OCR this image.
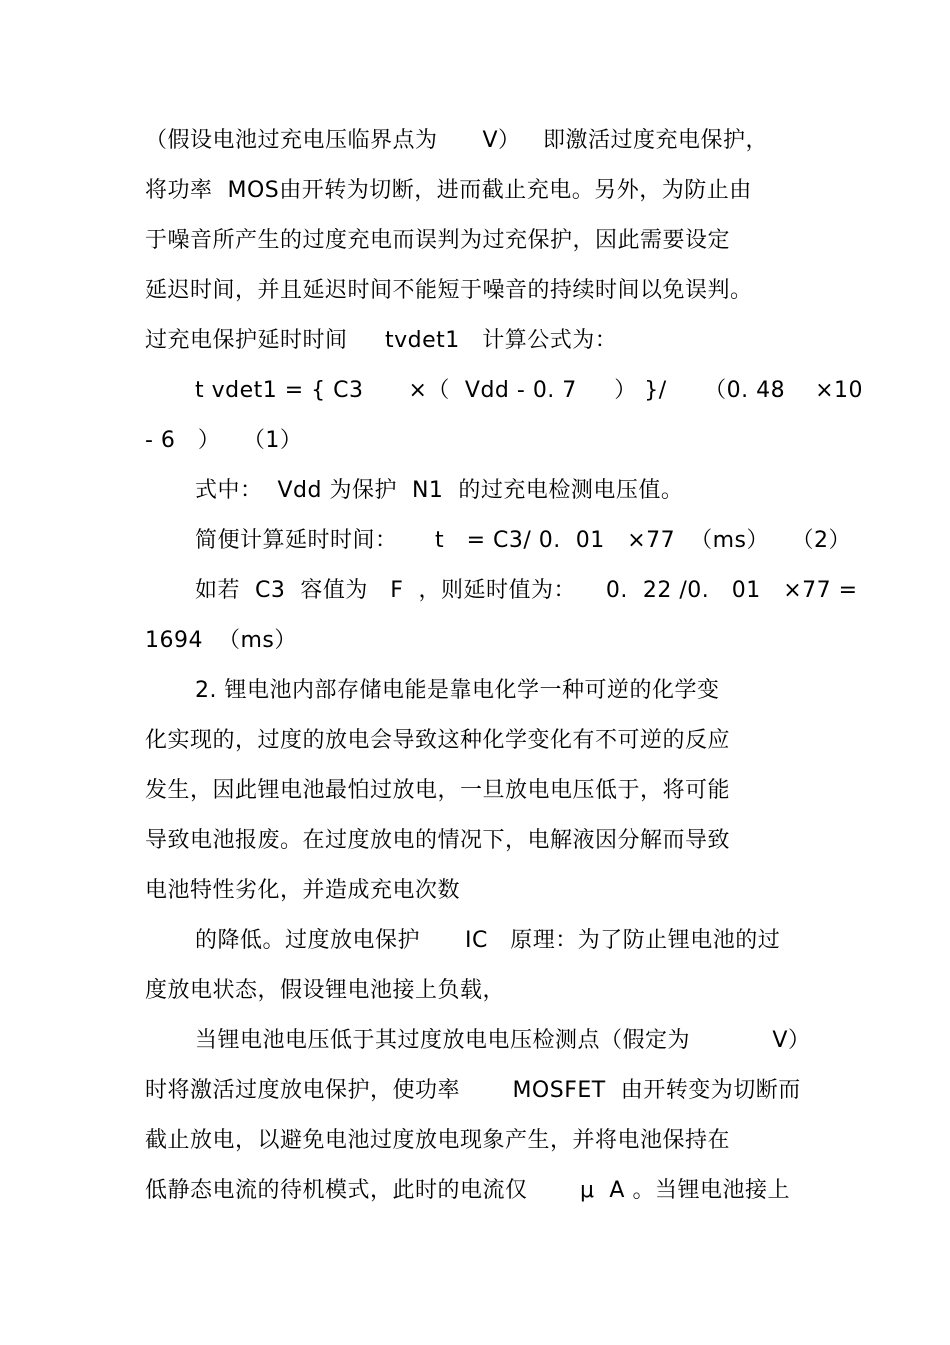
（假设电池过充电压临界点为      V）   即激活过度充电保护，
将功率  MOS由开转为切断，进而截止充电。另外，为防止由
于噪音所产生的过度充电而误判为过充保护，因此需要设定
延迟时间，并且延迟时间不能短于噪音的持续时间以免误判。
过充电保护延时时间     tvdet1   计算公式为：
t vdet1 = { C3      ×（  Vdd - 0. 7     ） }/     （0. 48    ×10
- 6   ）   （1）
式中：  Vdd 为保护  N1  的过充电检测电压值。
简便计算延时时间：     t   = C3/ 0.  01   ×77  （ms）   （2）
如若  C3  容值为   F  ，则延时值为：    0.  22 /0.   01   ×77 =
1694  （ms）
2. 锂电池内部存储电能是靠电化学一种可逆的化学变
化实现的，过度的放电会导致这种化学变化有不可逆的反应
发生，因此锂电池最怕过放电，一旦放电电压低于，将可能
导致电池报废。在过度放电的情况下，电解液因分解而导致
电池特性劣化，并造成充电次数
的降低。过度放电保护      IC   原理：为了防止锂电池的过
度放电状态，假设锂电池接上负载，
当锂电池电压低于其过度放电电压检测点（假定为           V）
时将激活过度放电保护，使功率       MOSFET  由开转变为切断而
截止放电，以避免电池过度放电现象产生，并将电池保持在
低静态电流的待机模式，此时的电流仅       μ  A 。当锂电池接上
